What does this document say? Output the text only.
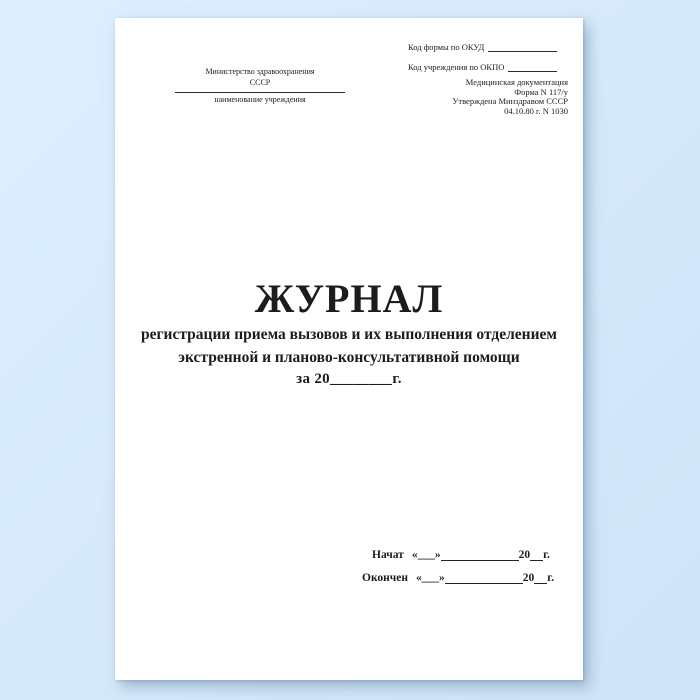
Код формы по ОКУД
Код учреждения по ОКПО
Медицинская документация
Форма N 117/у
Утверждена Минздравом СССР
04.10.80 г. N 1030
Министерство здравоохранения
СССР
наименование учреждения
ЖУРНАЛ
регистрации приема вызовов и их выполнения отделением
экстренной и плановo-консультативной помощи
за 20________г.
Начат «___»	20 г.
Окончен «___»	20 г.
